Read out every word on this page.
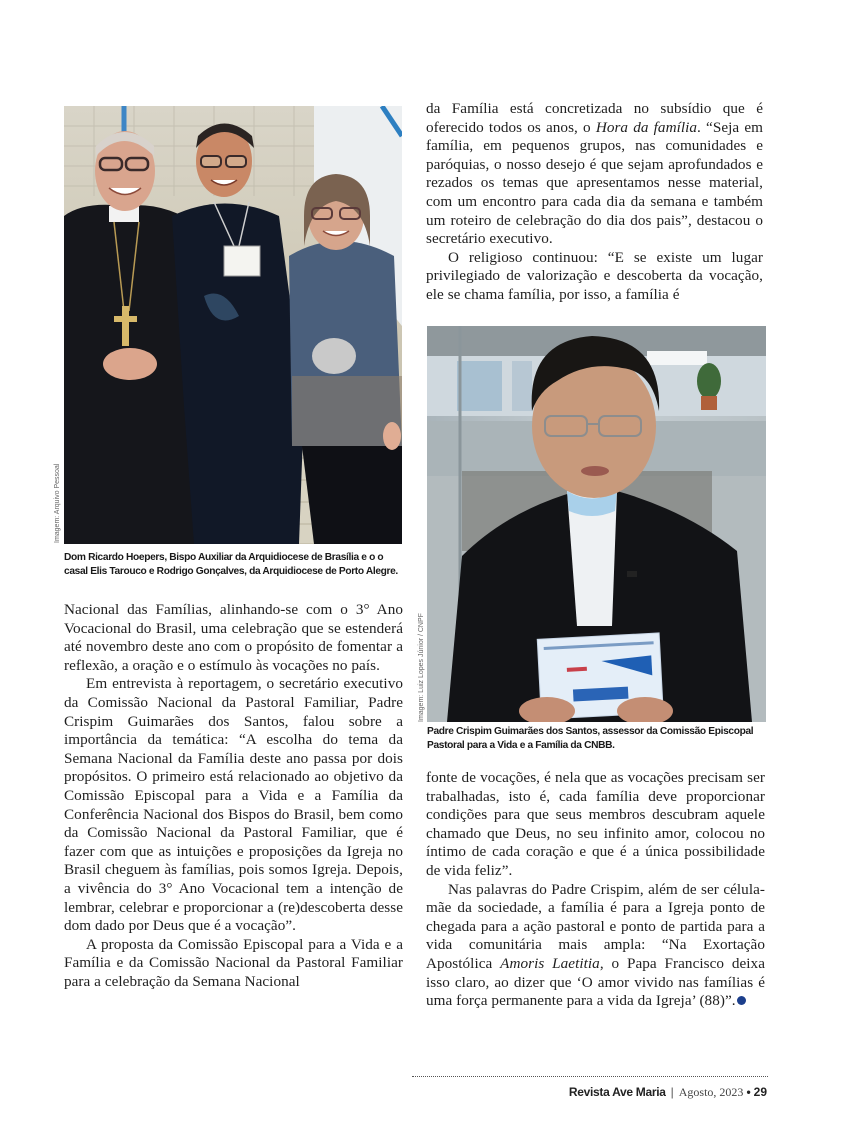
Imagem: Arquivo Pessoal
Dom Ricardo Hoepers, Bispo Auxiliar da Arquidiocese de Brasília e o o casal Elis Tarouco e Rodrigo Gonçalves, da Arquidiocese de Porto Alegre.

da Família está concretizada no subsídio que é oferecido todos os anos, o Hora da família. “Seja em família, em pequenos grupos, nas comunidades e paróquias, o nosso desejo é que sejam aprofundados e rezados os temas que apresentamos nesse material, com um encontro para cada dia da semana e também um roteiro de celebração do dia dos pais”, destacou o secretário executivo.

O religioso continuou: “E se existe um lugar privilegiado de valorização e descoberta da vocação, ele se chama família, por isso, a família é

Imagem: Luiz Lopes Júnior / CNPF
Padre Crispim Guimarães dos Santos, assessor da Comissão Episcopal Pastoral para a Vida e a Família da CNBB.

Nacional das Famílias, alinhando-se com o 3° Ano Vocacional do Brasil, uma celebração que se estenderá até novembro deste ano com o propósito de fomentar a reflexão, a oração e o estímulo às vocações no país.

Em entrevista à reportagem, o secretário executivo da Comissão Nacional da Pastoral Familiar, Padre Crispim Guimarães dos Santos, falou sobre a importância da temática: “A escolha do tema da Semana Nacional da Família deste ano passa por dois propósitos. O primeiro está relacionado ao objetivo da Comissão Episcopal para a Vida e a Família da Conferência Nacional dos Bispos do Brasil, bem como da Comissão Nacional da Pastoral Familiar, que é fazer com que as intuições e proposições da Igreja no Brasil cheguem às famílias, pois somos Igreja. Depois, a vivência do 3° Ano Vocacional tem a intenção de lembrar, celebrar e proporcionar a (re)descoberta desse dom dado por Deus que é a vocação”.

A proposta da Comissão Episcopal para a Vida e a Família e da Comissão Nacional da Pastoral Familiar para a celebração da Semana Nacional

fonte de vocações, é nela que as vocações precisam ser trabalhadas, isto é, cada família deve proporcionar condições para que seus membros descubram aquele chamado que Deus, no seu infinito amor, colocou no íntimo de cada coração e que é a única possibilidade de vida feliz”.

Nas palavras do Padre Crispim, além de ser célula-mãe da sociedade, a família é para a Igreja ponto de chegada para a ação pastoral e ponto de partida para a vida comunitária mais ampla: “Na Exortação Apostólica Amoris Laetitia, o Papa Francisco deixa isso claro, ao dizer que ‘O amor vivido nas famílias é uma força permanente para a vida da Igreja’ (88)”.

Revista Ave Maria | Agosto, 2023 • 29
